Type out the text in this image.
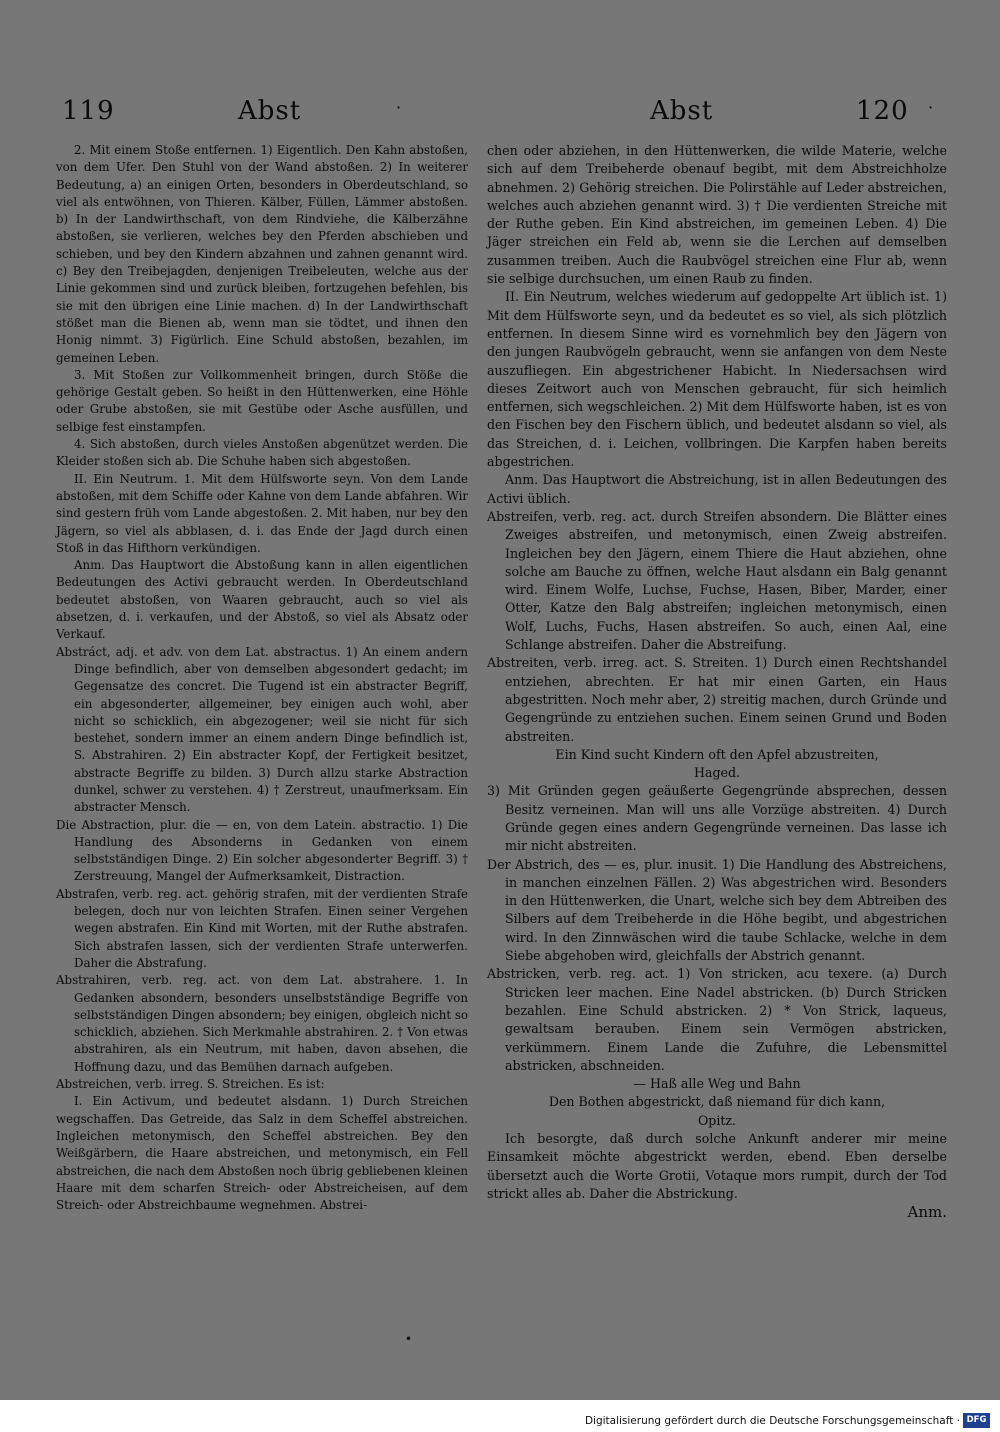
119	Abst	·	Abst	120 ·

2. Mit einem Stoße entfernen. 1) Eigentlich. Den Kahn abstoßen, von dem Ufer. Den Stuhl von der Wand abstoßen. 2) In weiterer Bedeutung, a) an einigen Orten, besonders in Oberdeutschland, so viel als entwöhnen, von Thieren. Kälber, Füllen, Lämmer abstoßen. b) In der Landwirthschaft, von dem Rindviehe, die Kälberzähne abstoßen, sie verlieren, welches bey den Pferden abschieben und schieben, und bey den Kindern abzahnen und zahnen genannt wird. c) Bey den Treibejagden, denjenigen Treibeleuten, welche aus der Linie gekommen sind und zurück bleiben, fortzugehen befehlen, bis sie mit den übrigen eine Linie machen. d) In der Landwirthschaft stößet man die Bienen ab, wenn man sie tödtet, und ihnen den Honig nimmt. 3) Figürlich. Eine Schuld abstoßen, bezahlen, im gemeinen Leben.

3. Mit Stoßen zur Vollkommenheit bringen, durch Stöße die gehörige Gestalt geben. So heißt in den Hüttenwerken, eine Höhle oder Grube abstoßen, sie mit Gestübe oder Asche ausfüllen, und selbige fest einstampfen.

4. Sich abstoßen, durch vieles Anstoßen abgenützet werden. Die Kleider stoßen sich ab. Die Schuhe haben sich abgestoßen.

II. Ein Neutrum. 1. Mit dem Hülfsworte seyn. Von dem Lande abstoßen, mit dem Schiffe oder Kahne von dem Lande abfahren. Wir sind gestern früh vom Lande abgestoßen. 2. Mit haben, nur bey den Jägern, so viel als abblasen, d. i. das Ende der Jagd durch einen Stoß in das Hifthorn verkündigen.

Anm. Das Hauptwort die Abstoßung kann in allen eigentlichen Bedeutungen des Activi gebraucht werden. In Oberdeutschland bedeutet abstoßen, von Waaren gebraucht, auch so viel als absetzen, d. i. verkaufen, und der Abstoß, so viel als Absatz oder Verkauf.

Abstráct, adj. et adv. von dem Lat. abstractus. 1) An einem andern Dinge befindlich, aber von demselben abgesondert gedacht; im Gegensatze des concret. Die Tugend ist ein abstracter Begriff, ein abgesonderter, allgemeiner, bey einigen auch wohl, aber nicht so schicklich, ein abgezogener; weil sie nicht für sich bestehet, sondern immer an einem andern Dinge befindlich ist, S. Abstrahiren. 2) Ein abstracter Kopf, der Fertigkeit besitzet, abstracte Begriffe zu bilden. 3) Durch allzu starke Abstraction dunkel, schwer zu verstehen. 4) † Zerstreut, unaufmerksam. Ein abstracter Mensch.

Die Abstraction, plur. die — en, von dem Latein. abstractio. 1) Die Handlung des Absonderns in Gedanken von einem selbstständigen Dinge. 2) Ein solcher abgesonderter Begriff. 3) † Zerstreuung, Mangel der Aufmerksamkeit, Distraction.

Abstrafen, verb. reg. act. gehörig strafen, mit der verdienten Strafe belegen, doch nur von leichten Strafen. Einen seiner Vergehen wegen abstrafen. Ein Kind mit Worten, mit der Ruthe abstrafen. Sich abstrafen lassen, sich der verdienten Strafe unterwerfen. Daher die Abstrafung.

Abstrahiren, verb. reg. act. von dem Lat. abstrahere. 1. In Gedanken absondern, besonders unselbstständige Begriffe von selbstständigen Dingen absondern; bey einigen, obgleich nicht so schicklich, abziehen. Sich Merkmahle abstrahiren. 2. † Von etwas abstrahiren, als ein Neutrum, mit haben, davon absehen, die Hoffnung dazu, und das Bemühen darnach aufgeben.

Abstreichen, verb. irreg. S. Streichen. Es ist:

I. Ein Activum, und bedeutet alsdann. 1) Durch Streichen wegschaffen. Das Getreide, das Salz in dem Scheffel abstreichen. Ingleichen metonymisch, den Scheffel abstreichen. Bey den Weißgärbern, die Haare abstreichen, und metonymisch, ein Fell abstreichen, die nach dem Abstoßen noch übrig gebliebenen kleinen Haare mit dem scharfen Streich- oder Abstreicheisen, auf dem Streich- oder Abstreichbaume wegnehmen. Abstrei-

chen oder abziehen, in den Hüttenwerken, die wilde Materie, welche sich auf dem Treibeherde obenauf begibt, mit dem Abstreichholze abnehmen. 2) Gehörig streichen. Die Polirstähle auf Leder abstreichen, welches auch abziehen genannt wird. 3) † Die verdienten Streiche mit der Ruthe geben. Ein Kind abstreichen, im gemeinen Leben. 4) Die Jäger streichen ein Feld ab, wenn sie die Lerchen auf demselben zusammen treiben. Auch die Raubvögel streichen eine Flur ab, wenn sie selbige durchsuchen, um einen Raub zu finden.

II. Ein Neutrum, welches wiederum auf gedoppelte Art üblich ist. 1) Mit dem Hülfsworte seyn, und da bedeutet es so viel, als sich plötzlich entfernen. In diesem Sinne wird es vornehmlich bey den Jägern von den jungen Raubvögeln gebraucht, wenn sie anfangen von dem Neste auszufliegen. Ein abgestrichener Habicht. In Niedersachsen wird dieses Zeitwort auch von Menschen gebraucht, für sich heimlich entfernen, sich wegschleichen. 2) Mit dem Hülfsworte haben, ist es von den Fischen bey den Fischern üblich, und bedeutet alsdann so viel, als das Streichen, d. i. Leichen, vollbringen. Die Karpfen haben bereits abgestrichen.

Anm. Das Hauptwort die Abstreichung, ist in allen Bedeutungen des Activi üblich.

Abstreifen, verb. reg. act. durch Streifen absondern. Die Blätter eines Zweiges abstreifen, und metonymisch, einen Zweig abstreifen. Ingleichen bey den Jägern, einem Thiere die Haut abziehen, ohne solche am Bauche zu öffnen, welche Haut alsdann ein Balg genannt wird. Einem Wolfe, Luchse, Fuchse, Hasen, Biber, Marder, einer Otter, Katze den Balg abstreifen; ingleichen metonymisch, einen Wolf, Luchs, Fuchs, Hasen abstreifen. So auch, einen Aal, eine Schlange abstreifen. Daher die Abstreifung.

Abstreiten, verb. irreg. act. S. Streiten. 1) Durch einen Rechtshandel entziehen, abrechten. Er hat mir einen Garten, ein Haus abgestritten. Noch mehr aber, 2) streitig machen, durch Gründe und Gegengründe zu entziehen suchen. Einem seinen Grund und Boden abstreiten.

Ein Kind sucht Kindern oft den Apfel abzustreiten,

Haged.

3) Mit Gründen gegen geäußerte Gegengründe absprechen, dessen Besitz verneinen. Man will uns alle Vorzüge abstreiten. 4) Durch Gründe gegen eines andern Gegengründe verneinen. Das lasse ich mir nicht abstreiten.

Der Abstrich, des — es, plur. inusit. 1) Die Handlung des Abstreichens, in manchen einzelnen Fällen. 2) Was abgestrichen wird. Besonders in den Hüttenwerken, die Unart, welche sich bey dem Abtreiben des Silbers auf dem Treibeherde in die Höhe begibt, und abgestrichen wird. In den Zinnwäschen wird die taube Schlacke, welche in dem Siebe abgehoben wird, gleichfalls der Abstrich genannt.

Abstricken, verb. reg. act. 1) Von stricken, acu texere. (a) Durch Stricken leer machen. Eine Nadel abstricken. (b) Durch Stricken bezahlen. Eine Schuld abstricken. 2) * Von Strick, laqueus, gewaltsam berauben. Einem sein Vermögen abstricken, verkümmern. Einem Lande die Zufuhre, die Lebensmittel abstricken, abschneiden.

— Haß alle Weg und Bahn

Den Bothen abgestrickt, daß niemand für dich kann,

Opitz.

Ich besorgte, daß durch solche Ankunft anderer mir meine Einsamkeit möchte abgestrickt werden, ebend. Eben derselbe übersetzt auch die Worte Grotii, Votaque mors rumpit, durch der Tod strickt alles ab. Daher die Abstrickung.

Anm.

•
Digitalisierung gefördert durch die Deutsche Forschungsgemeinschaft · DFG
